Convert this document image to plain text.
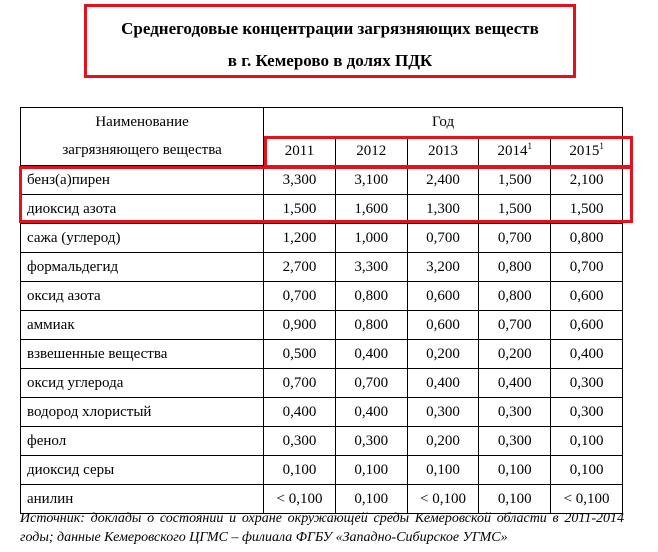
Среднегодовые концентрации загрязняющих веществ
в г. Кемерово в долях ПДК
Наименование	Год				
загрязняющего вещества	2011	2012	2013	2014$^1$	2015$^1$
бенз(а)пирен	3,300	3,100	2,400	1,500	2,100
диоксид азота	1,500	1,600	1,300	1,500	1,500
сажа (углерод)	1,200	1,000	0,700	0,700	0,800
формальдегид	2,700	3,300	3,200	0,800	0,700
оксид азота	0,700	0,800	0,600	0,800	0,600
аммиак	0,900	0,800	0,600	0,700	0,600
взвешенные вещества	0,500	0,400	0,200	0,200	0,400
оксид углерода	0,700	0,700	0,400	0,400	0,300
водород хлористый	0,400	0,400	0,300	0,300	0,300
фенол	0,300	0,300	0,200	0,300	0,100
диоксид серы	0,100	0,100	0,100	0,100	0,100
анилин	< 0,100	0,100	< 0,100	0,100	< 0,100
Источник: доклады о состоянии и охране окружающей среды Кемеровской области в 2011-2014 годы; данные Кемеровского ЦГМС – филиала ФГБУ «Западно-Сибирское УГМС»
